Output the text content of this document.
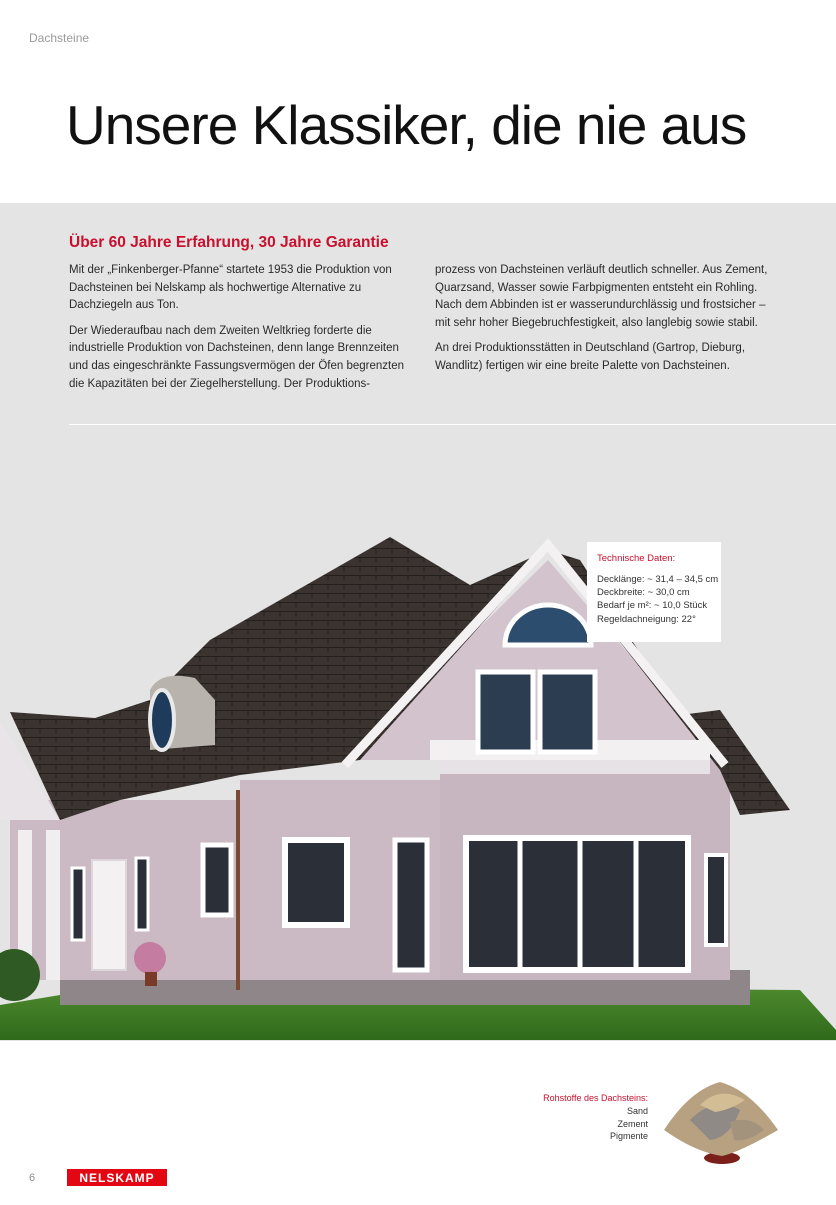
Dachsteine
Unsere Klassiker, die nie aus
Über 60 Jahre Erfahrung, 30 Jahre Garantie

Mit der „Finkenberger-Pfanne“ startete 1953 die Produktion von Dachsteinen bei Nelskamp als hochwertige Alternative zu Dachziegeln aus Ton.

Der Wiederaufbau nach dem Zweiten Weltkrieg forderte die industrielle Produktion von Dachsteinen, denn lange Brennzeiten und das eingeschränkte Fassungsvermögen der Öfen begrenzten die Kapazitäten bei der Ziegelherstellung. Der Produktions-

prozess von Dachsteinen verläuft deutlich schneller. Aus Zement, Quarzsand, Wasser sowie Farbpigmenten entsteht ein Rohling. Nach dem Abbinden ist er wasserundurchlässig und frostsicher – mit sehr hoher Biegebruchfestigkeit, also langlebig sowie stabil.

An drei Produktionsstätten in Deutschland (Gartrop, Dieburg, Wandlitz) fertigen wir eine breite Palette von Dachsteinen.

Technische Daten:
Decklänge: ~ 31,4 – 34,5 cm
Deckbreite: ~ 30,0 cm
Bedarf je m²: ~ 10,0 Stück
Regeldachneigung: 22°
Rohstoffe des Dachsteins:
Sand
Zement
Pigmente
6	NELSKAMP
